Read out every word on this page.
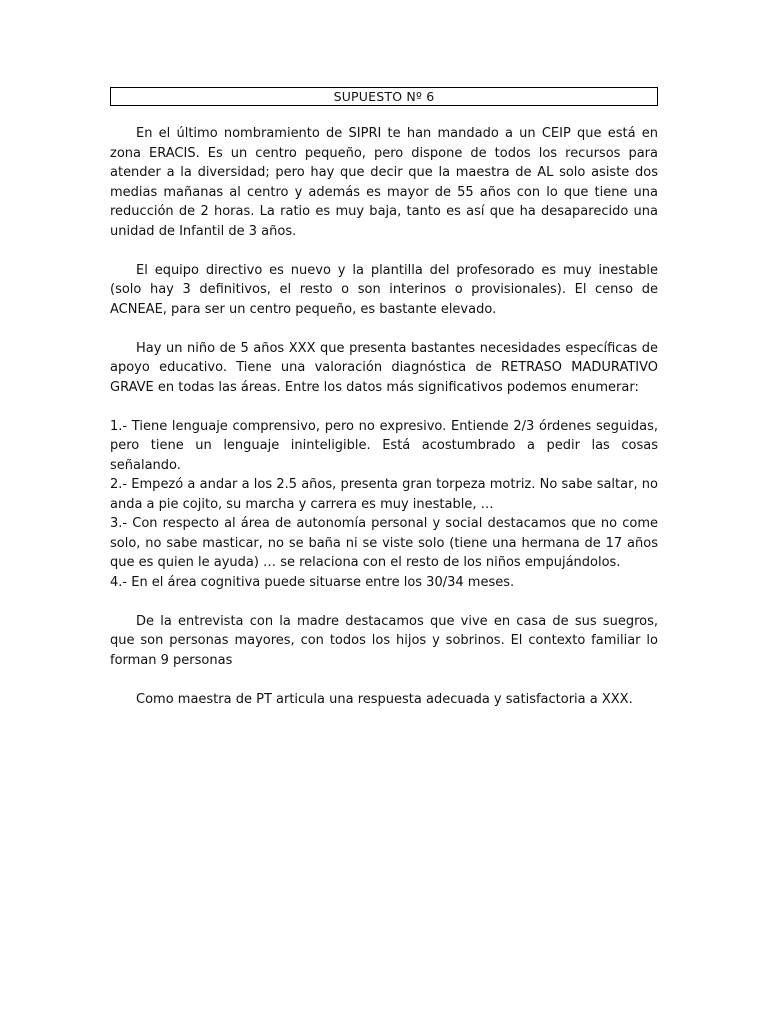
SUPUESTO Nº 6

En el último nombramiento de SIPRI te han mandado a un CEIP que está en zona ERACIS. Es un centro pequeño, pero dispone de todos los recursos para atender a la diversidad; pero hay que decir que la maestra de AL solo asiste dos medias mañanas al centro y además es mayor de 55 años con lo que tiene una reducción de 2 horas. La ratio es muy baja, tanto es así que ha desaparecido una unidad de Infantil de 3 años.

El equipo directivo es nuevo y la plantilla del profesorado es muy inestable (solo hay 3 definitivos, el resto o son interinos o provisionales). El censo de ACNEAE, para ser un centro pequeño, es bastante elevado.

Hay un niño de 5 años XXX que presenta bastantes necesidades específicas de apoyo educativo. Tiene una valoración diagnóstica de RETRASO MADURATIVO GRAVE en todas las áreas. Entre los datos más significativos podemos enumerar:

1.- Tiene lenguaje comprensivo, pero no expresivo. Entiende 2/3 órdenes seguidas, pero tiene un lenguaje ininteligible. Está acostumbrado a pedir las cosas señalando.

2.- Empezó a andar a los 2.5 años, presenta gran torpeza motriz. No sabe saltar, no anda a pie cojito, su marcha y carrera es muy inestable, …

3.- Con respecto al área de autonomía personal y social destacamos que no come solo, no sabe masticar, no se baña ni se viste solo (tiene una hermana de 17 años que es quien le ayuda) … se relaciona con el resto de los niños empujándolos.

4.- En el área cognitiva puede situarse entre los 30/34 meses.

De la entrevista con la madre destacamos que vive en casa de sus suegros, que son personas mayores, con todos los hijos y sobrinos. El contexto familiar lo forman 9 personas

Como maestra de PT articula una respuesta adecuada y satisfactoria a XXX.
